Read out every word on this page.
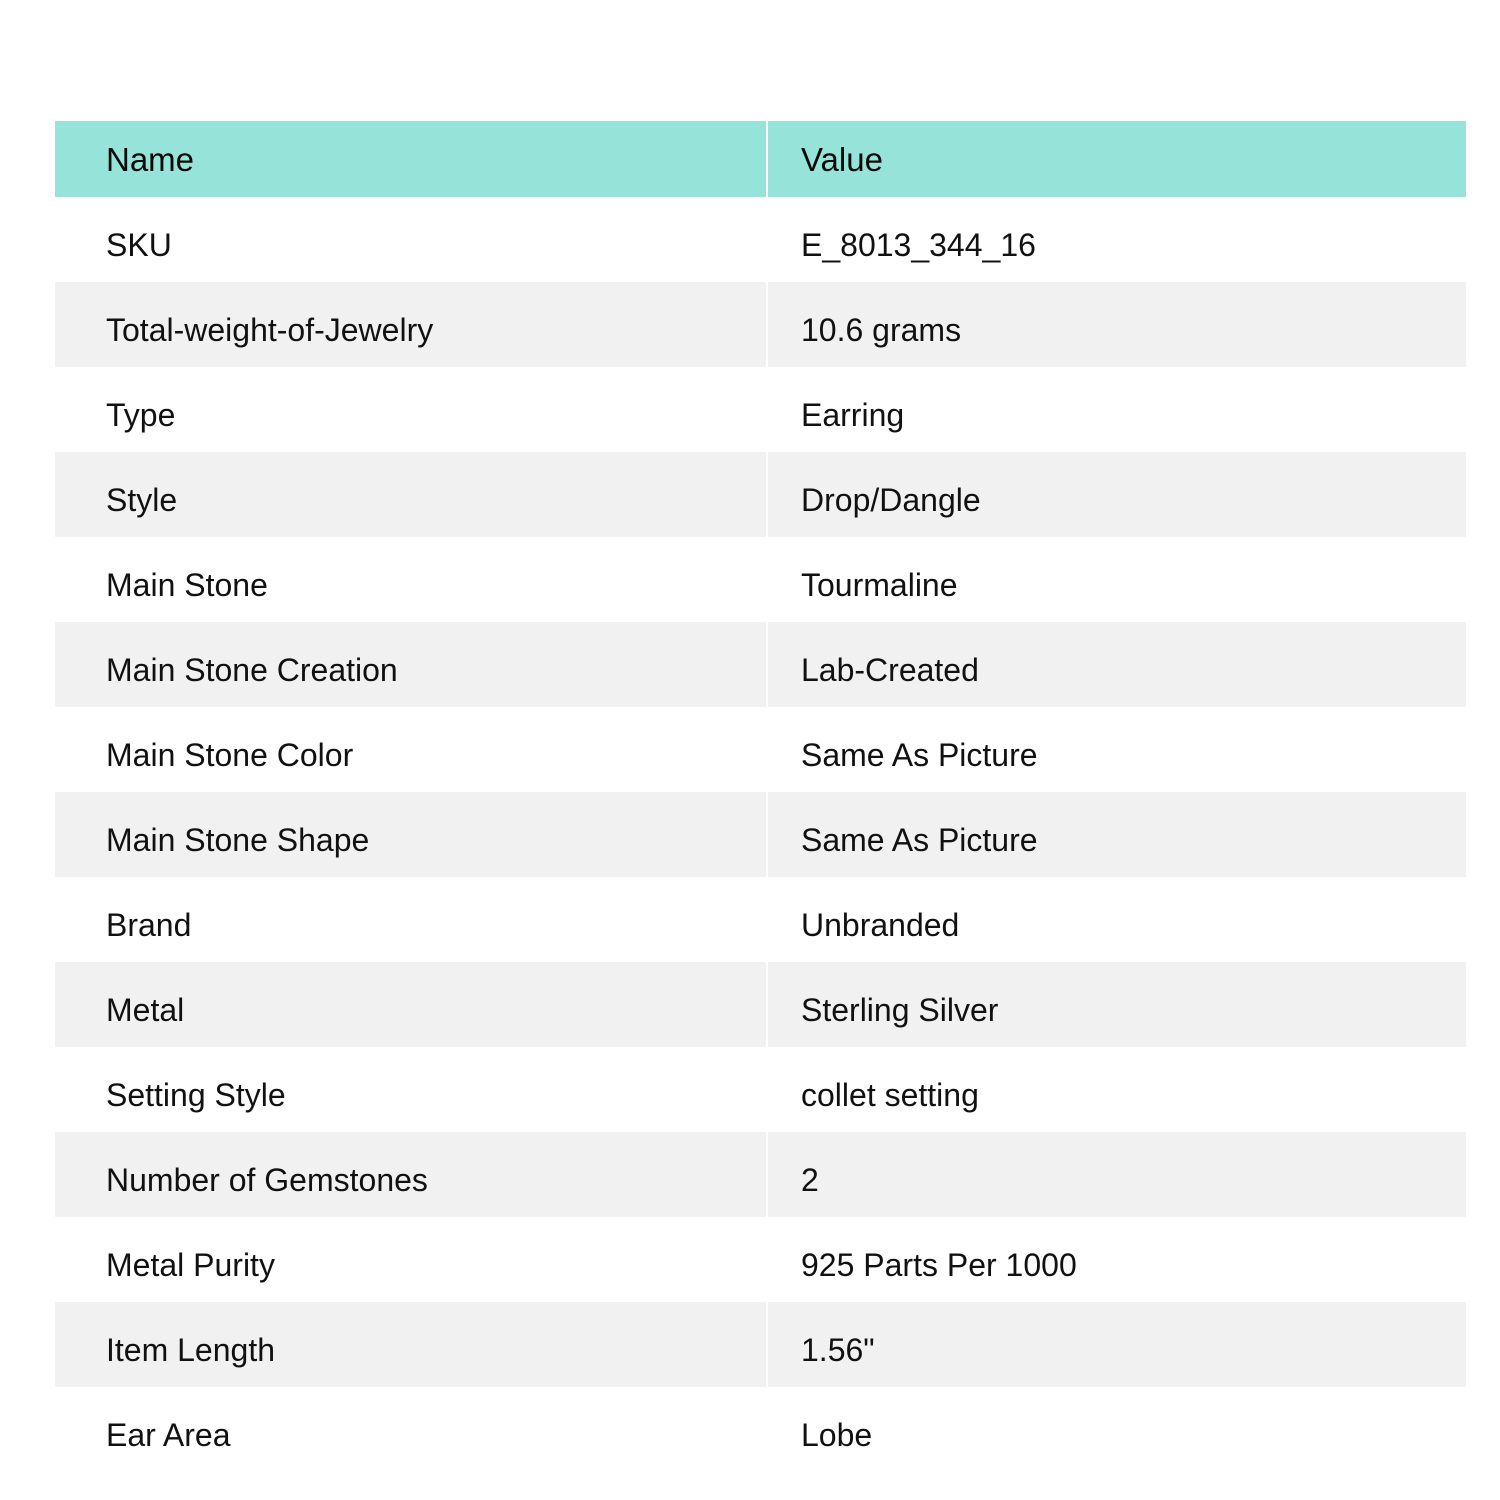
Name	Value
SKU	E_8013_344_16
Total-weight-of-Jewelry	10.6 grams
Type	Earring
Style	Drop/Dangle
Main Stone	Tourmaline
Main Stone Creation	Lab-Created
Main Stone Color	Same As Picture
Main Stone Shape	Same As Picture
Brand	Unbranded
Metal	Sterling Silver
Setting Style	collet setting
Number of Gemstones	2
Metal Purity	925 Parts Per 1000
Item Length	1.56"
Ear Area	Lobe
